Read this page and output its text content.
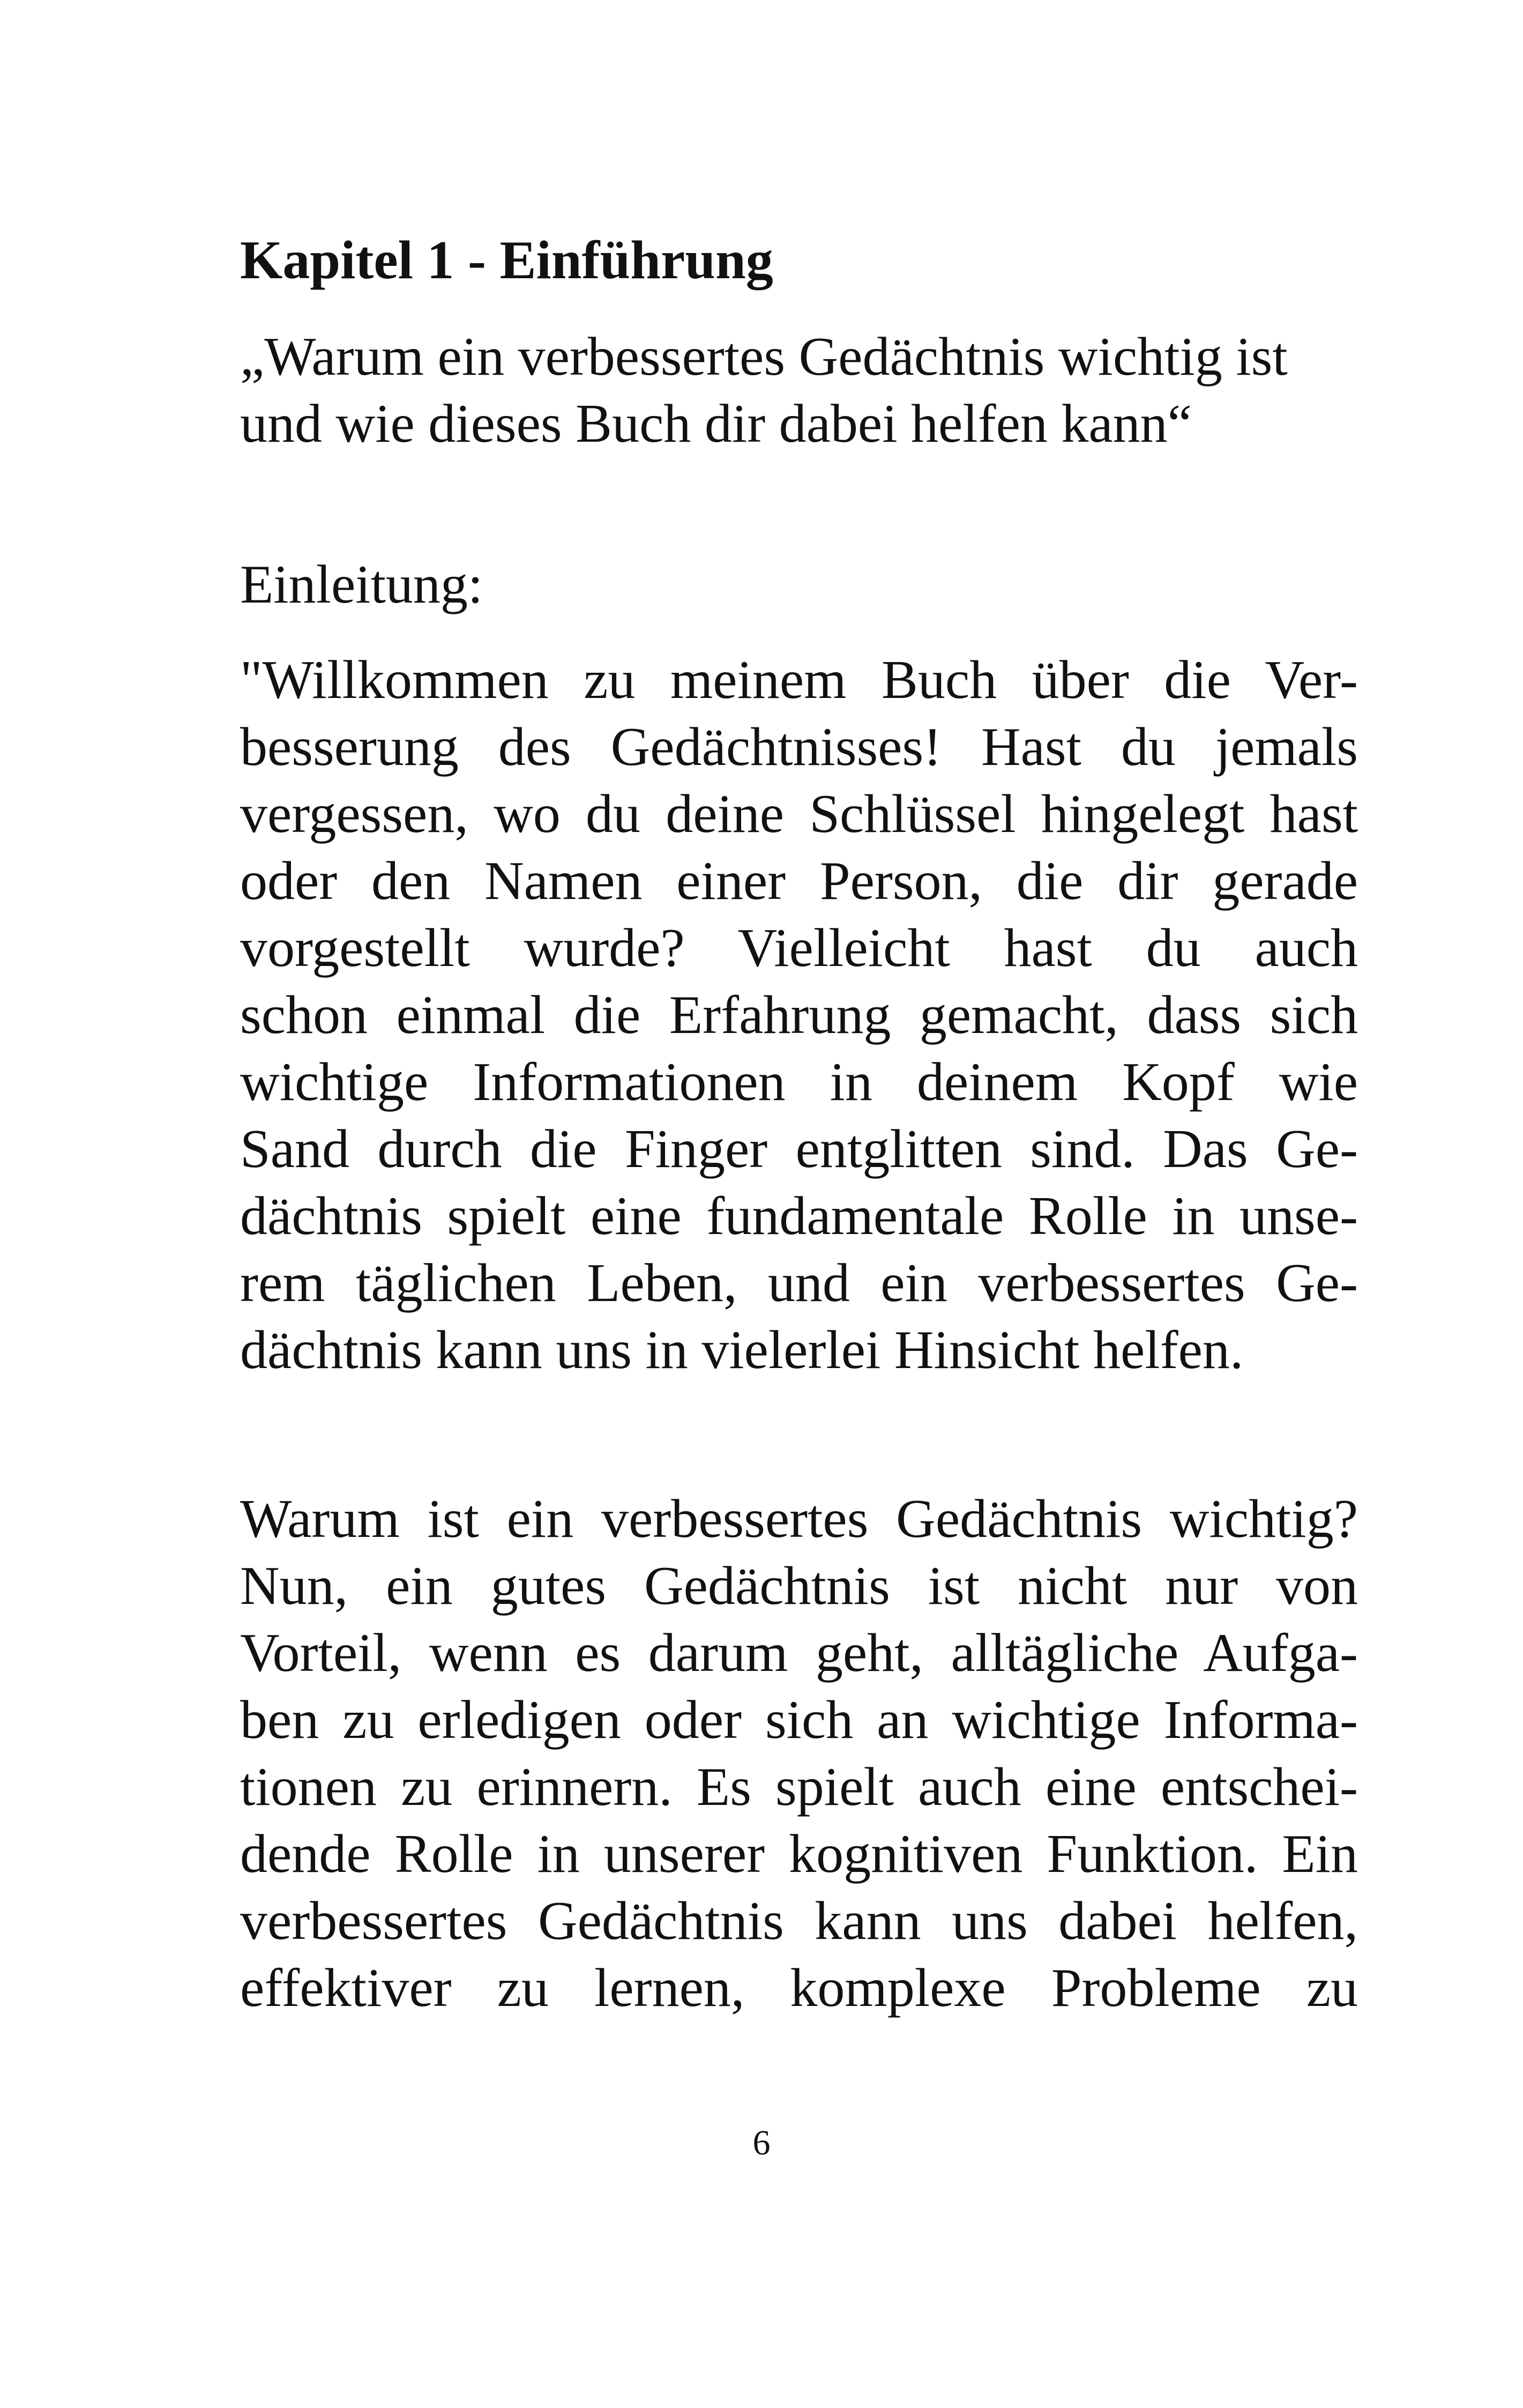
Kapitel 1 - Einführung

„Warum ein verbessertes Gedächtnis wichtig ist
und wie dieses Buch dir dabei helfen kann“

Einleitung:

"Willkommen zu meinem Buch über die Ver-
besserung des Gedächtnisses! Hast du jemals
vergessen, wo du deine Schlüssel hingelegt hast
oder den Namen einer Person, die dir gerade
vorgestellt wurde? Vielleicht hast du auch
schon einmal die Erfahrung gemacht, dass sich
wichtige Informationen in deinem Kopf wie
Sand durch die Finger entglitten sind. Das Ge-
dächtnis spielt eine fundamentale Rolle in unse-
rem täglichen Leben, und ein verbessertes Ge-
dächtnis kann uns in vielerlei Hinsicht helfen.

Warum ist ein verbessertes Gedächtnis wichtig?
Nun, ein gutes Gedächtnis ist nicht nur von
Vorteil, wenn es darum geht, alltägliche Aufga-
ben zu erledigen oder sich an wichtige Informa-
tionen zu erinnern. Es spielt auch eine entschei-
dende Rolle in unserer kognitiven Funktion. Ein
verbessertes Gedächtnis kann uns dabei helfen,
effektiver zu lernen, komplexe Probleme zu

6
